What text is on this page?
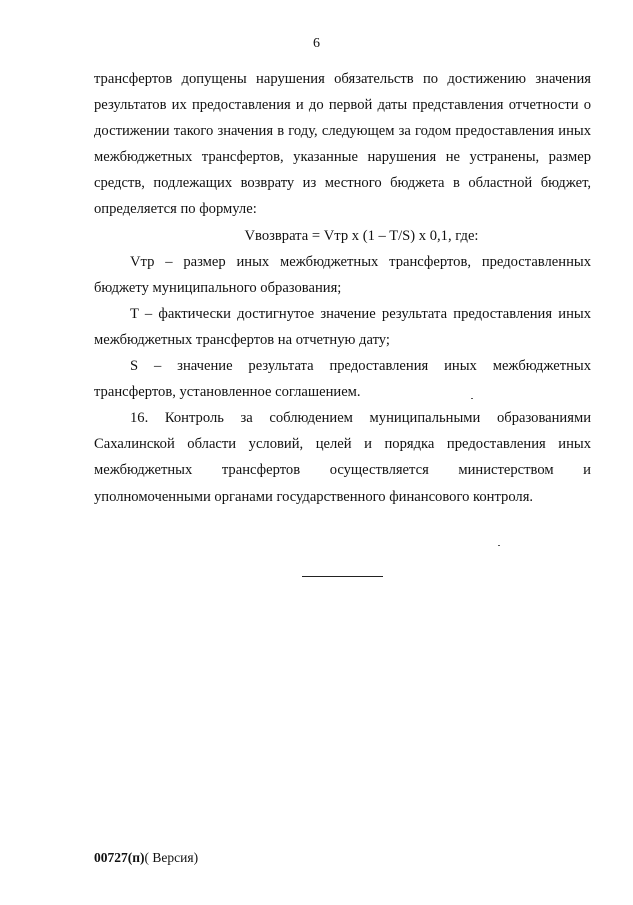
6

трансфертов допущены нарушения обязательств по достижению значения результатов их предоставления и до первой даты представления отчетности о достижении такого значения в году, следующем за годом предоставления иных межбюджетных трансфертов, указанные нарушения не устранены, размер средств, подлежащих возврату из местного бюджета в областной бюджет, определяется по формуле:

Vвозврата = Vтр x (1 – T/S) x 0,1, где:

Vтр – размер иных межбюджетных трансфертов, предоставленных бюджету муниципального образования;

T – фактически достигнутое значение результата предоставления иных межбюджетных трансфертов на отчетную дату;

S – значение результата предоставления иных межбюджетных трансфертов, установленное соглашением.

16. Контроль за соблюдением муниципальными образованиями Сахалинской области условий, целей и порядка предоставления иных межбюджетных трансфертов осуществляется министерством и уполномоченными органами государственного финансового контроля.

00727(п)( Версия)
